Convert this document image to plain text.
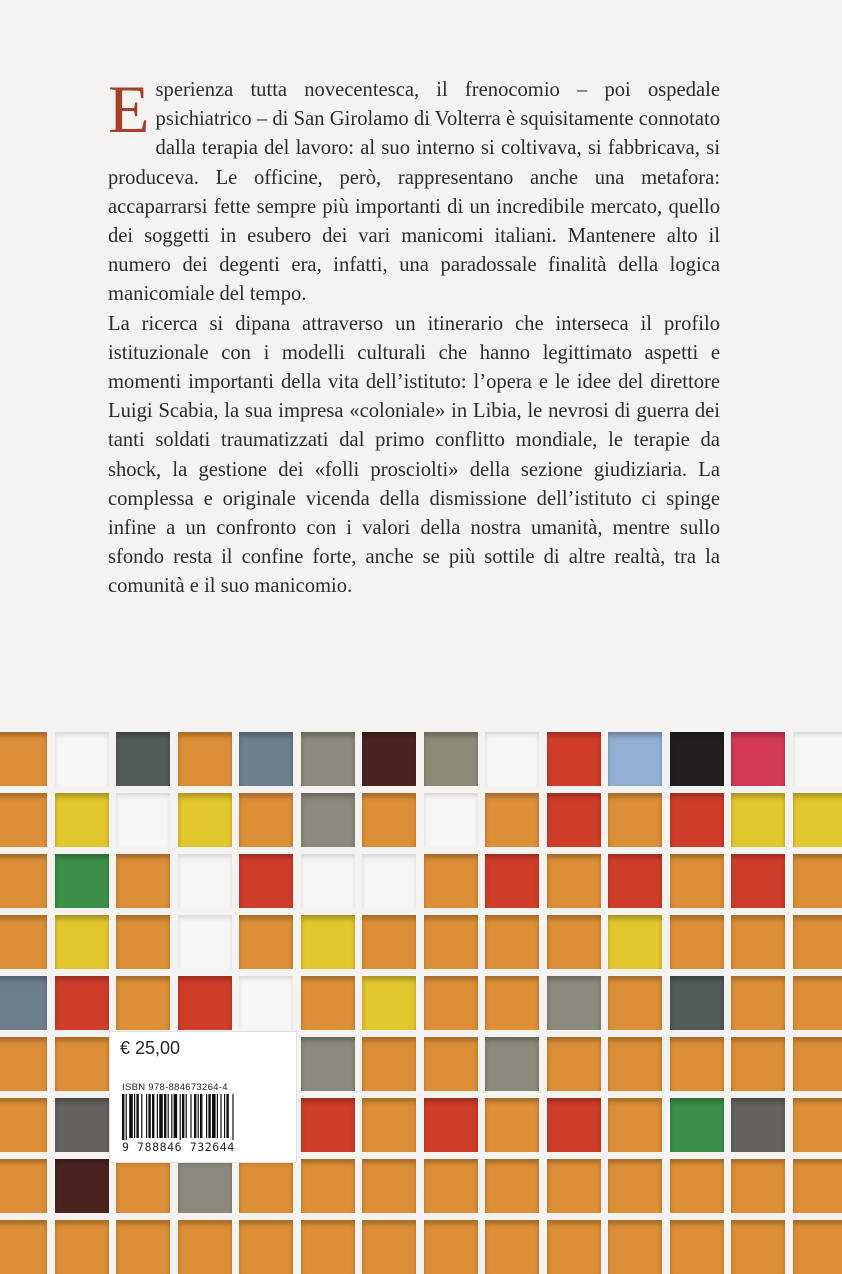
Esperienza tutta novecentesca, il frenocomio – poi ospedale psichiatrico – di San Girolamo di Volterra è squisitamente connotato dalla terapia del lavoro: al suo interno si coltivava, si fabbricava, si produceva. Le officine, però, rappresentano anche una metafora: accaparrarsi fette sempre più importanti di un incredibile mercato, quello dei soggetti in esubero dei vari manicomi italiani. Mantenere alto il numero dei degenti era, infatti, una paradossale finalità della logica manicomiale del tempo.

La ricerca si dipana attraverso un itinerario che interseca il profilo istituzionale con i modelli culturali che hanno legittimato aspetti e momenti importanti della vita dell’istituto: l’opera e le idee del direttore Luigi Scabia, la sua impresa «coloniale» in Libia, le nevrosi di guerra dei tanti soldati traumatizzati dal primo conflitto mondiale, le terapie da shock, la gestione dei «folli prosciolti» della sezione giudiziaria. La complessa e originale vicenda della dismissione dell’istituto ci spinge infine a un confronto con i valori della nostra umanità, mentre sullo sfondo resta il confine forte, anche se più sottile di altre realtà, tra la comunità e il suo manicomio.

€ 25,00
ISBN 978-884673264-4
9 788846 732644
